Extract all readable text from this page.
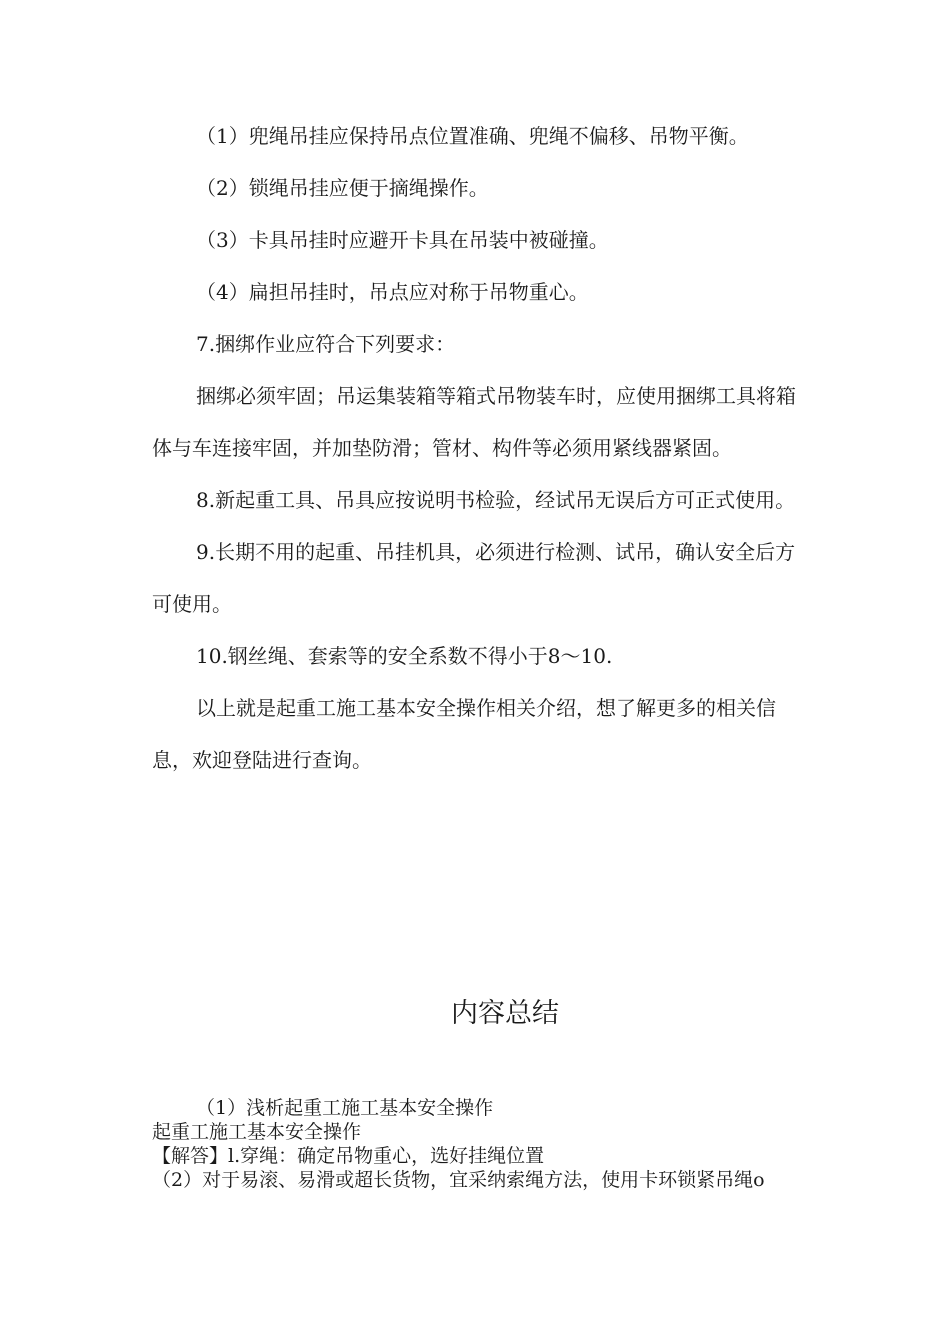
（1）兜绳吊挂应保持吊点位置准确、兜绳不偏移、吊物平衡。

（2）锁绳吊挂应便于摘绳操作。

（3）卡具吊挂时应避开卡具在吊装中被碰撞。

（4）扁担吊挂时，吊点应对称于吊物重心。

7.捆绑作业应符合下列要求：

捆绑必须牢固；吊运集装箱等箱式吊物装车时，应使用捆绑工具将箱体与车连接牢固，并加垫防滑；管材、构件等必须用紧线器紧固。

8.新起重工具、吊具应按说明书检验，经试吊无误后方可正式使用。

9.长期不用的起重、吊挂机具，必须进行检测、试吊，确认安全后方可使用。

10.钢丝绳、套索等的安全系数不得小于8～10.

以上就是起重工施工基本安全操作相关介绍，想了解更多的相关信息，欢迎登陆进行查询。

内容总结

（1）浅析起重工施工基本安全操作

起重工施工基本安全操作

【解答】l.穿绳：确定吊物重心，选好挂绳位置

（2）对于易滚、易滑或超长货物，宜采纳索绳方法，使用卡环锁紧吊绳o
